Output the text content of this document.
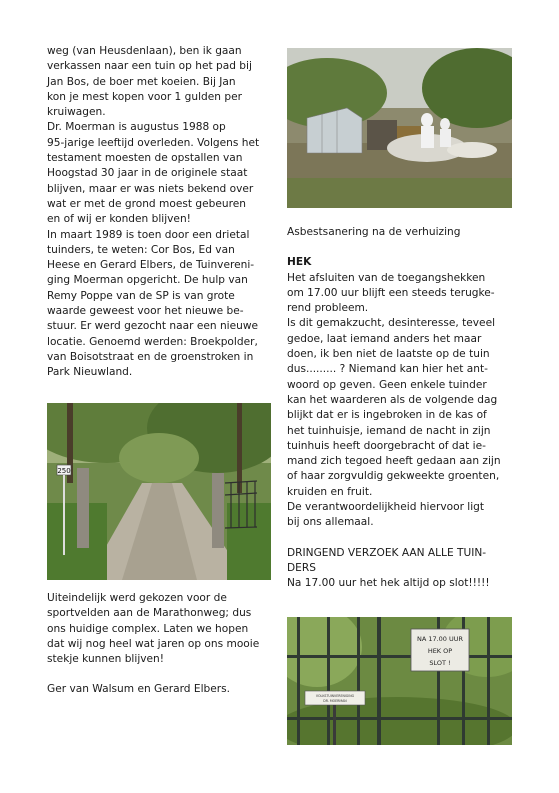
weg (van Heusdenlaan), ben ik gaan
verkassen naar een tuin op het pad bij
Jan Bos, de boer met koeien. Bij Jan
kon je mest kopen voor 1 gulden per
kruiwagen.

Dr. Moerman is augustus 1988 op
95-jarige leeftijd overleden. Volgens het
testament moesten de opstallen van
Hoogstad 30 jaar in de originele staat
blijven, maar er was niets bekend over
wat er met de grond moest gebeuren
en of wij er konden blijven!

In maart 1989 is toen door een drietal
tuinders, te weten: Cor Bos, Ed van
Heese en Gerard Elbers, de Tuinvereni-
ging Moerman opgericht. De hulp van
Remy Poppe van de SP is van grote
waarde geweest voor het nieuwe be-
stuur. Er werd gezocht naar een nieuwe
locatie. Genoemd werden: Broekpolder,
van Boisotstraat en de groenstroken in
Park Nieuwland.

250

Uiteindelijk werd gekozen voor de
sportvelden aan de Marathonweg; dus
ons huidige complex. Laten we hopen
dat wij nog heel wat jaren op ons mooie
stekje kunnen blijven!

Ger van Walsum en Gerard Elbers.

Asbestsanering na de verhuizing

HEK

Het afsluiten van de toegangshekken
om 17.00 uur blijft een steeds terugke-
rend probleem.
Is dit gemakzucht, desinteresse, teveel
gedoe, laat iemand anders het maar
doen, ik ben niet de laatste op de tuin
dus......... ? Niemand kan hier het ant-
woord op geven. Geen enkele tuinder
kan het waarderen als de volgende dag
blijkt dat er is ingebroken in de kas of
het tuinhuisje, iemand de nacht in zijn
tuinhuis heeft doorgebracht of dat ie-
mand zich tegoed heeft gedaan aan zijn
of haar zorgvuldig gekweekte groenten,
kruiden en fruit.
De verantwoordelijkheid hiervoor ligt
bij ons allemaal.

DRINGEND VERZOEK AAN ALLE TUIN-
DERS
Na 17.00 uur het hek altijd op slot!!!!!

NA 17.00 UUR
HEK OP
SLOT !
VOLKSTUINVERENIGING
DR. MOERMAN
